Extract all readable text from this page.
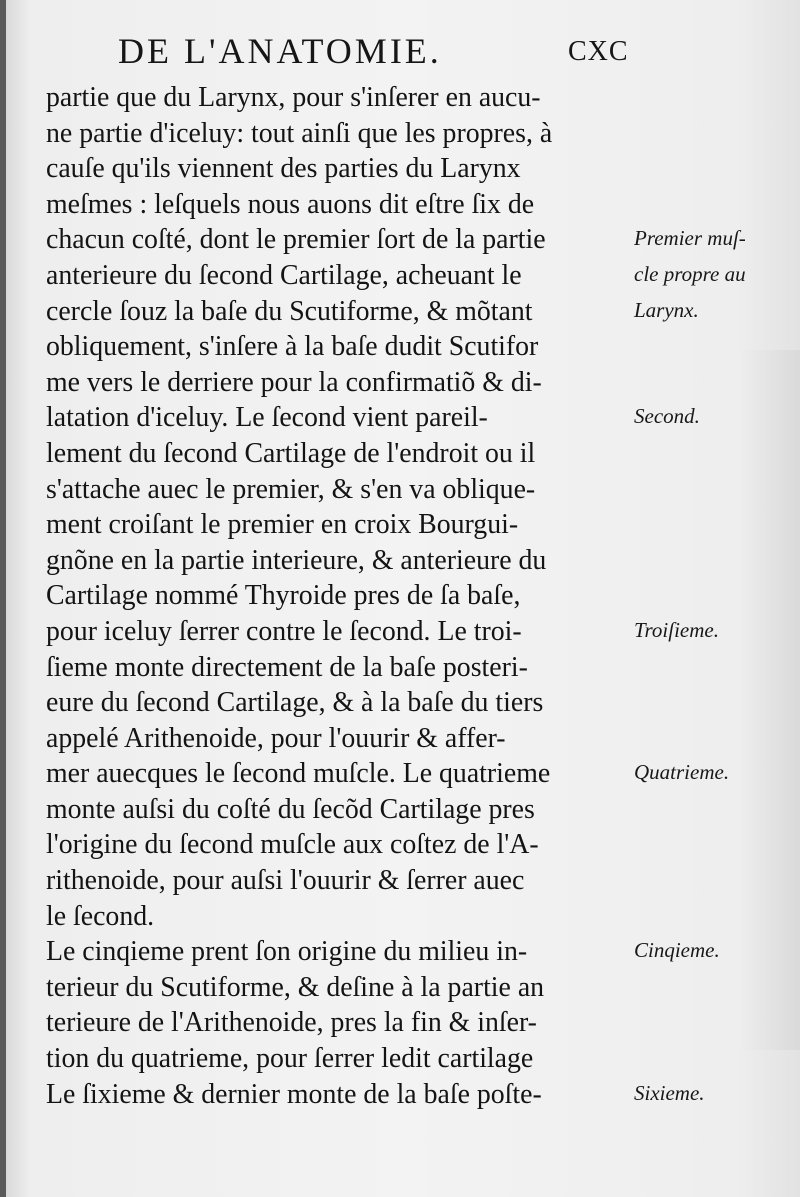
DE L'ANATOMIE.	CXC
partie que du Larynx, pour s'inſerer en aucu-
ne partie d'iceluy: tout ainſi que les propres, à
cauſe qu'ils viennent des parties du Larynx
meſmes : leſquels nous auons dit eſtre ſix de
chacun coſté, dont le premier ſort de la partie
anterieure du ſecond Cartilage, acheuant le
cercle ſouz la baſe du Scutiforme, & mõtant
obliquement, s'inſere à la baſe dudit Scutifor
me vers le derriere pour la confirmatiõ & di-
latation d'iceluy. Le ſecond vient pareil-
lement du ſecond Cartilage de l'endroit ou il
s'attache auec le premier, & s'en va oblique-
ment croiſant le premier en croix Bourgui-
gnõne en la partie interieure, & anterieure du
Cartilage nommé Thyroide pres de ſa baſe,
pour iceluy ſerrer contre le ſecond. Le troi-
ſieme monte directement de la baſe posteri-
eure du ſecond Cartilage, & à la baſe du tiers
appelé Arithenoide, pour l'ouurir & affer-
mer auecques le ſecond muſcle. Le quatrieme
monte auſsi du coſté du ſecõd Cartilage pres
l'origine du ſecond muſcle aux coſtez de l'A-
rithenoide, pour auſsi l'ouurir & ſerrer auec
le ſecond.
Le cinqieme prent ſon origine du milieu in-
terieur du Scutiforme, & deſine à la partie an
terieure de l'Arithenoide, pres la fin & inſer-
tion du quatrieme, pour ſerrer ledit cartilage
Le ſixieme & dernier monte de la baſe poſte-
Premier muſ-
cle propre au
Larynx.
Second.
Troiſieme.
Quatrieme.
Cinqieme.
Sixieme.
